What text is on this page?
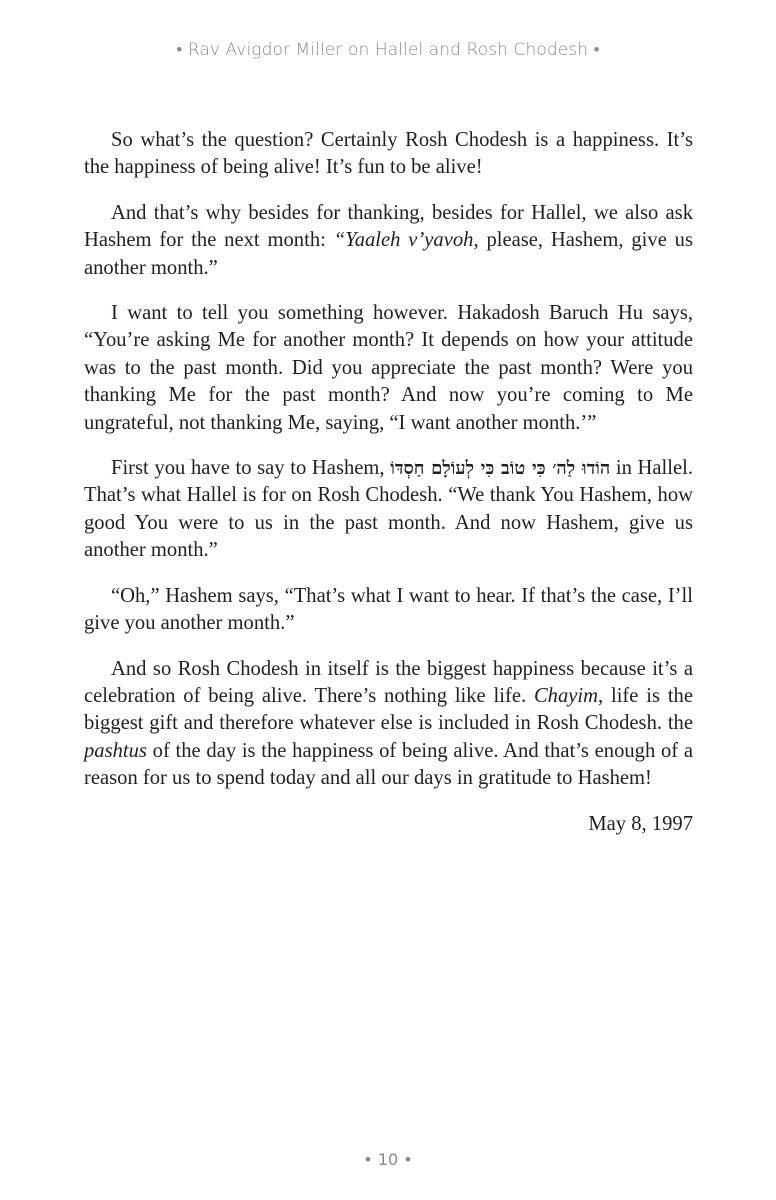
• Rav Avigdor Miller on Hallel and Rosh Chodesh •

So what’s the question? Certainly Rosh Chodesh is a happiness. It’s the happiness of being alive! It’s fun to be alive!

And that’s why besides for thanking, besides for Hallel, we also ask Hashem for the next month: “Yaaleh v’yavoh, please, Hashem, give us another month.”

I want to tell you something however. Hakadosh Baruch Hu says, “You’re asking Me for another month? It depends on how your attitude was to the past month. Did you appreciate the past month? Were you thanking Me for the past month? And now you’re coming to Me ungrateful, not thanking Me, saying, “I want another month.’”

First you have to say to Hashem, הוֹדוּ לַה׳ כִּי טוֹב כִּי לְעוֹלָם חַסְדּוֹ in Hallel. That’s what Hallel is for on Rosh Chodesh. “We thank You Hashem, how good You were to us in the past month. And now Hashem, give us another month.”

“Oh,” Hashem says, “That’s what I want to hear. If that’s the case, I’ll give you another month.”

And so Rosh Chodesh in itself is the biggest happiness because it’s a celebration of being alive. There’s nothing like life. Chayim, life is the biggest gift and therefore whatever else is included in Rosh Chodesh. the pashtus of the day is the happiness of being alive. And that’s enough of a reason for us to spend today and all our days in gratitude to Hashem!

May 8, 1997

• 10 •
